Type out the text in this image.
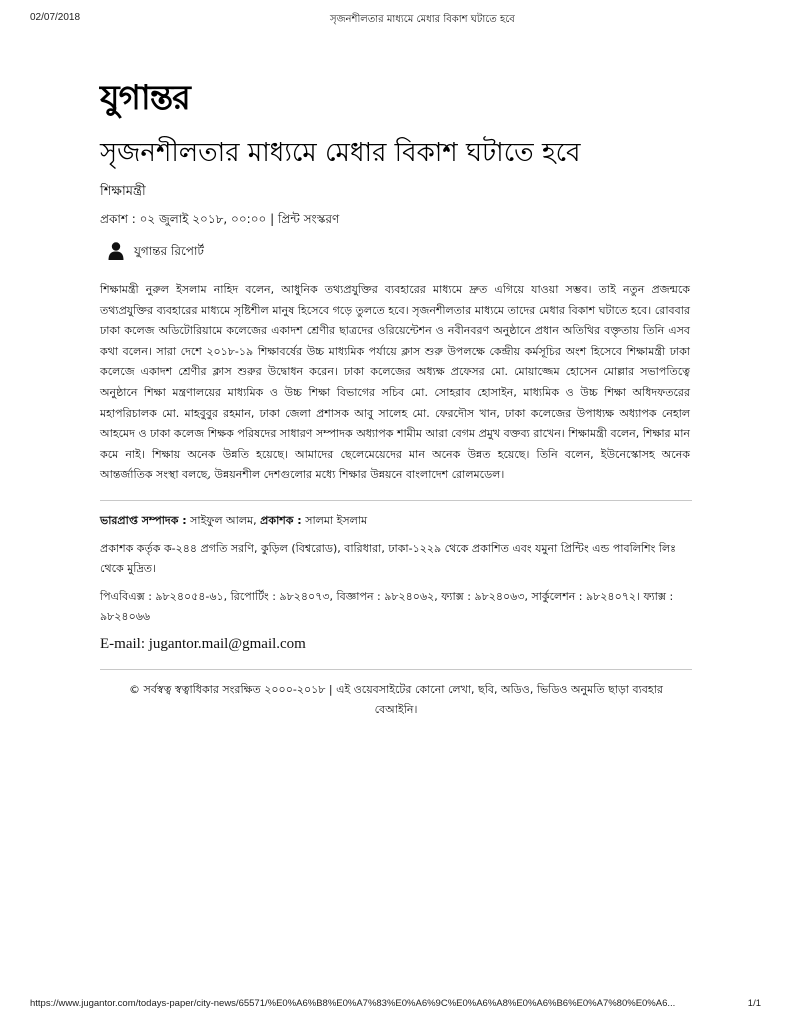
02/07/2018	সৃজনশীলতার মাধ্যমে মেধার বিকাশ ঘটাতে হবে
যুগান্তর
সৃজনশীলতার মাধ্যমে মেধার বিকাশ ঘটাতে হবে
শিক্ষামন্ত্রী
প্রকাশ : ০২ জুলাই ২০১৮, ০০:০০ | প্রিন্ট সংস্করণ
যুগান্তর রিপোর্ট

শিক্ষামন্ত্রী নুরুল ইসলাম নাহিদ বলেন, আধুনিক তথ্যপ্রযুক্তির ব্যবহারের মাধ্যমে দ্রুত এগিয়ে যাওয়া সম্ভব। তাই নতুন প্রজন্মকে তথ্যপ্রযুক্তির ব্যবহারের মাধ্যমে সৃষ্টিশীল মানুষ হিসেবে গড়ে তুলতে হবে। সৃজনশীলতার মাধ্যমে তাদের মেধার বিকাশ ঘটাতে হবে। রোববার ঢাকা কলেজ অডিটোরিয়ামে কলেজের একাদশ শ্রেণীর ছাত্রদের ওরিয়েন্টেশন ও নবীনবরণ অনুষ্ঠানে প্রধান অতিথির বক্তৃতায় তিনি এসব কথা বলেন। সারা দেশে ২০১৮-১৯ শিক্ষাবর্ষের উচ্চ মাধ্যমিক পর্যায়ে ক্লাস শুরু উপলক্ষে কেন্দ্রীয় কর্মসূচির অংশ হিসেবে শিক্ষামন্ত্রী ঢাকা কলেজে একাদশ শ্রেণীর ক্লাস শুরুর উদ্বোধন করেন। ঢাকা কলেজের অধ্যক্ষ প্রফেসর মো. মোয়াজ্জেম হোসেন মোল্লার সভাপতিত্বে অনুষ্ঠানে শিক্ষা মন্ত্রণালয়ের মাধ্যমিক ও উচ্চ শিক্ষা বিভাগের সচিব মো. সোহরাব হোসাইন, মাধ্যমিক ও উচ্চ শিক্ষা অধিদফতরের মহাপরিচালক মো. মাহবুবুর রহমান, ঢাকা জেলা প্রশাসক আবু সালেহ মো. ফেরদৌস খান, ঢাকা কলেজের উপাধ্যক্ষ অধ্যাপক নেহাল আহমেদ ও ঢাকা কলেজ শিক্ষক পরিষদের সাধারণ সম্পাদক অধ্যাপক শামীম আরা বেগম প্রমুখ বক্তব্য রাখেন। শিক্ষামন্ত্রী বলেন, শিক্ষার মান কমে নাই। শিক্ষায় অনেক উন্নতি হয়েছে। আমাদের ছেলেমেয়েদের মান অনেক উন্নত হয়েছে। তিনি বলেন, ইউনেস্কোসহ অনেক আন্তর্জাতিক সংস্থা বলছে, উন্নয়নশীল দেশগুলোর মধ্যে শিক্ষার উন্নয়নে বাংলাদেশ রোলমডেল।

ভারপ্রাপ্ত সম্পাদক : সাইফুল আলম, প্রকাশক : সালমা ইসলাম
প্রকাশক কর্তৃক ক-২৪৪ প্রগতি সরণি, কুড়িল (বিশ্বরোড), বারিধারা, ঢাকা-১২২৯ থেকে প্রকাশিত এবং যমুনা প্রিন্টিং এন্ড পাবলিশিং লিঃ থেকে মুদ্রিত।
পিএবিএক্স : ৯৮২৪০৫৪-৬১, রিপোর্টিং : ৯৮২৪০৭৩, বিজ্ঞাপন : ৯৮২৪০৬২, ফ্যাক্স : ৯৮২৪০৬৩, সার্কুলেশন : ৯৮২৪০৭২। ফ্যাক্স : ৯৮২৪০৬৬
E-mail: jugantor.mail@gmail.com

© সর্বস্বত্ব স্বত্বাধিকার সংরক্ষিত ২০০০-২০১৮ | এই ওয়েবসাইটের কোনো লেখা, ছবি, অডিও, ভিডিও অনুমতি ছাড়া ব্যবহার বেআইনি।

https://www.jugantor.com/todays-paper/city-news/65571/%E0%A6%B8%E0%A7%83%E0%A6%9C%E0%A6%A8%E0%A6%B6%E0%A7%80%E0%A6...	1/1
